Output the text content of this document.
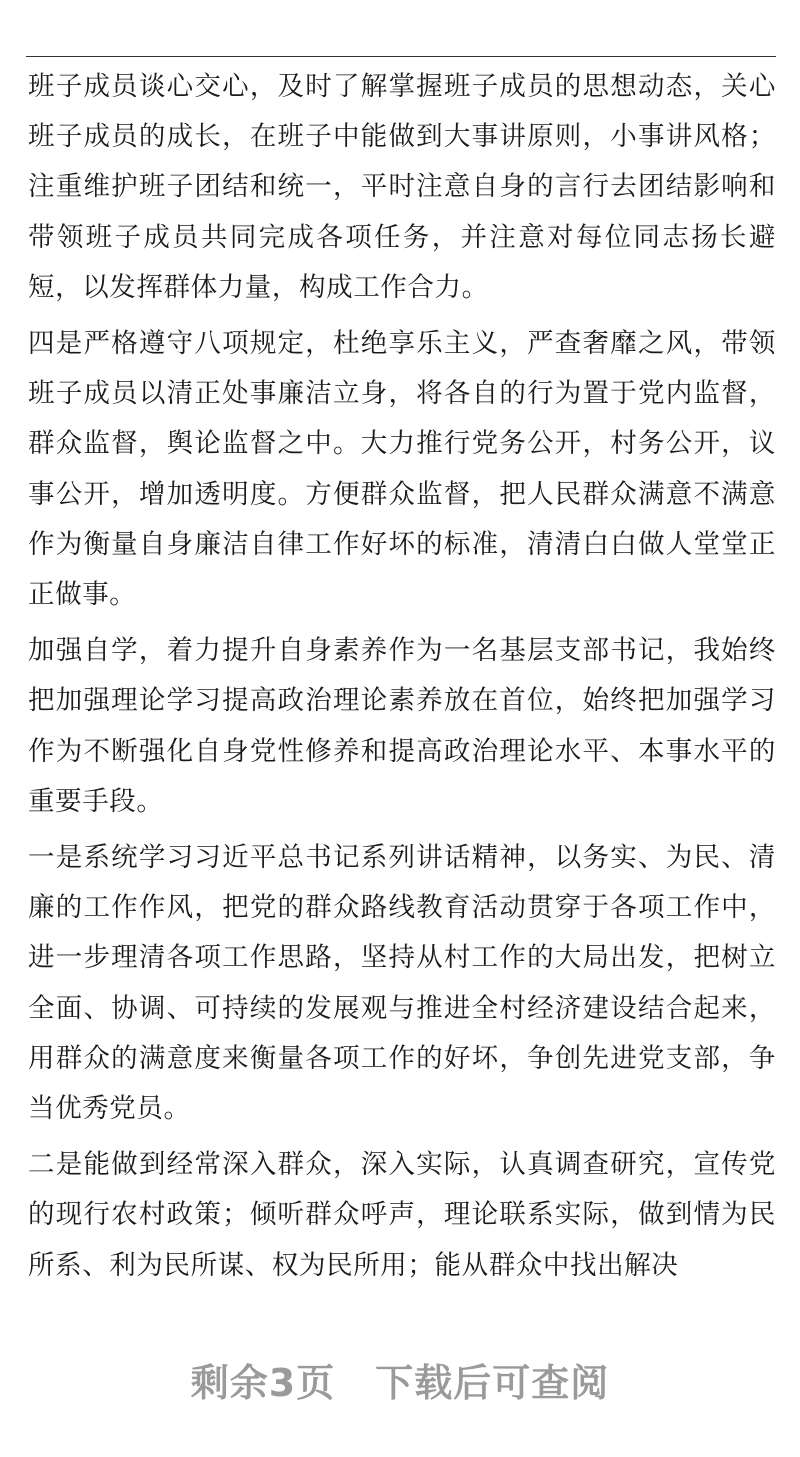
班子成员谈心交心，及时了解掌握班子成员的思想动态，关心班子成员的成长，在班子中能做到大事讲原则，小事讲风格；注重维护班子团结和统一，平时注意自身的言行去团结影响和带领班子成员共同完成各项任务，并注意对每位同志扬长避短，以发挥群体力量，构成工作合力。

四是严格遵守八项规定，杜绝享乐主义，严查奢靡之风，带领班子成员以清正处事廉洁立身，将各自的行为置于党内监督，群众监督，舆论监督之中。大力推行党务公开，村务公开，议事公开，增加透明度。方便群众监督，把人民群众满意不满意作为衡量自身廉洁自律工作好坏的标准，清清白白做人堂堂正正做事。

加强自学，着力提升自身素养作为一名基层支部书记，我始终把加强理论学习提高政治理论素养放在首位，始终把加强学习作为不断强化自身党性修养和提高政治理论水平、本事水平的重要手段。

一是系统学习习近平总书记系列讲话精神，以务实、为民、清廉的工作作风，把党的群众路线教育活动贯穿于各项工作中，进一步理清各项工作思路，坚持从村工作的大局出发，把树立全面、协调、可持续的发展观与推进全村经济建设结合起来，用群众的满意度来衡量各项工作的好坏，争创先进党支部，争当优秀党员。

二是能做到经常深入群众，深入实际，认真调查研究，宣传党的现行农村政策；倾听群众呼声，理论联系实际，做到情为民所系、利为民所谋、权为民所用；能从群众中找出解决

剩余3页 下载后可查阅
